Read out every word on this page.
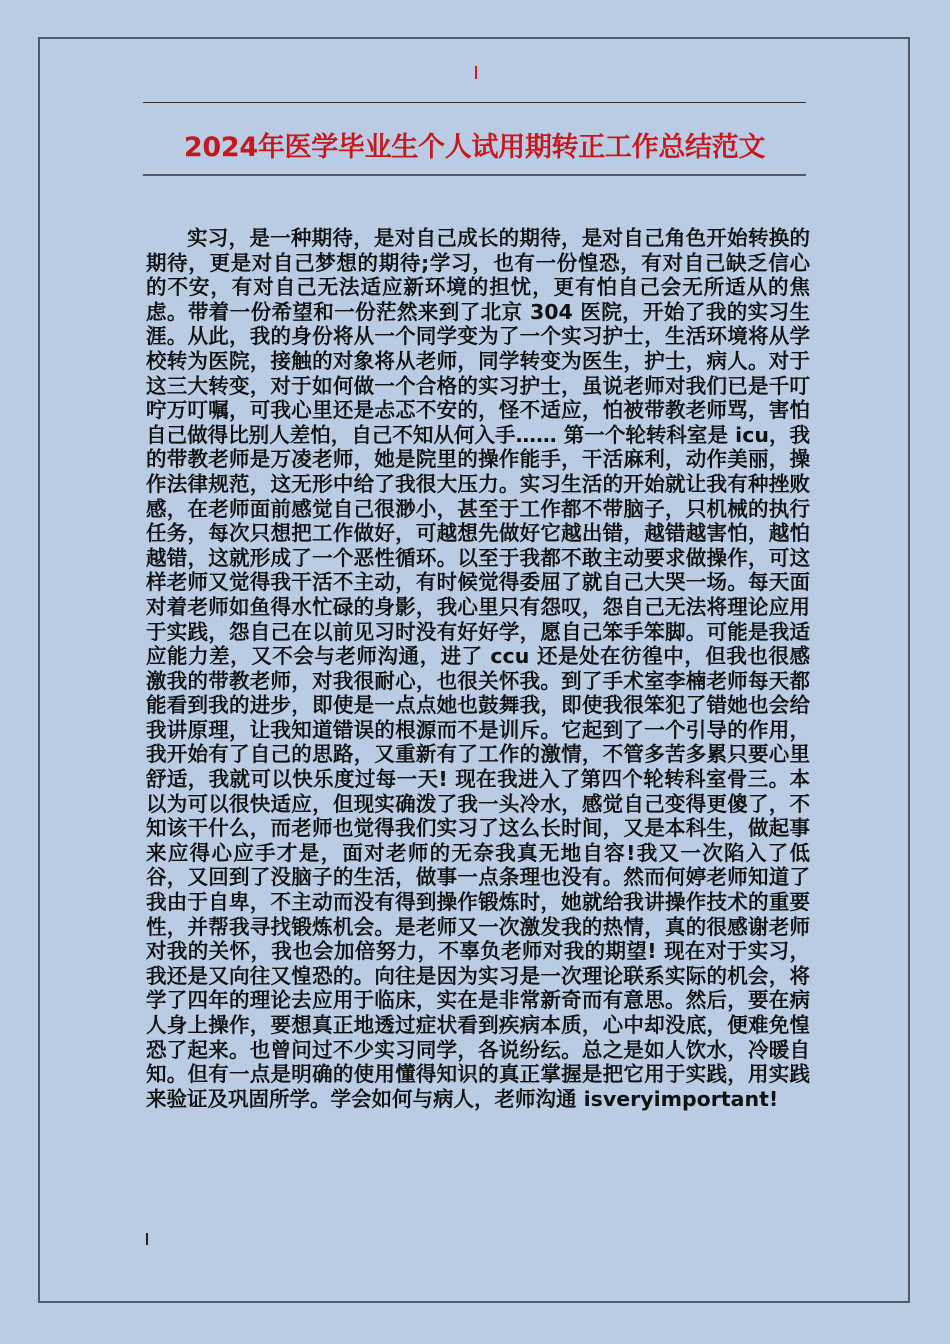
2024年医学毕业生个人试用期转正工作总结范文

实习，是一种期待，是对自己成长的期待，是对自己角色开始转换的期待，更是对自己梦想的期待;学习，也有一份惶恐，有对自己缺乏信心的不安，有对自己无法适应新环境的担忧，更有怕自己会无所适从的焦虑。带着一份希望和一份茫然来到了北京 304 医院，开始了我的实习生涯。从此，我的身份将从一个同学变为了一个实习护士，生活环境将从学校转为医院，接触的对象将从老师，同学转变为医生，护士，病人。对于这三大转变，对于如何做一个合格的实习护士，虽说老师对我们已是千叮咛万叮嘱，可我心里还是忐忑不安的，怪不适应，怕被带教老师骂，害怕自己做得比别人差怕，自己不知从何入手…… 第一个轮转科室是 icu，我的带教老师是万凌老师，她是院里的操作能手，干活麻利，动作美丽，操作法律规范，这无形中给了我很大压力。实习生活的开始就让我有种挫败感，在老师面前感觉自己很渺小，甚至于工作都不带脑子，只机械的执行任务，每次只想把工作做好，可越想先做好它越出错，越错越害怕，越怕越错，这就形成了一个恶性循环。以至于我都不敢主动要求做操作，可这样老师又觉得我干活不主动，有时候觉得委屈了就自己大哭一场。每天面对着老师如鱼得水忙碌的身影，我心里只有怨叹，怨自己无法将理论应用于实践，怨自己在以前见习时没有好好学，愿自己笨手笨脚。可能是我适应能力差，又不会与老师沟通，进了 ccu 还是处在彷徨中，但我也很感激我的带教老师，对我很耐心，也很关怀我。到了手术室李楠老师每天都能看到我的进步，即使是一点点她也鼓舞我，即使我很笨犯了错她也会给我讲原理，让我知道错误的根源而不是训斥。它起到了一个引导的作用，我开始有了自己的思路，又重新有了工作的激情，不管多苦多累只要心里舒适，我就可以快乐度过每一天! 现在我进入了第四个轮转科室骨三。本以为可以很快适应，但现实确泼了我一头冷水，感觉自己变得更傻了，不知该干什么，而老师也觉得我们实习了这么长时间，又是本科生，做起事来应得心应手才是，面对老师的无奈我真无地自容!我又一次陷入了低谷，又回到了没脑子的生活，做事一点条理也没有。然而何婷老师知道了我由于自卑，不主动而没有得到操作锻炼时，她就给我讲操作技术的重要性，并帮我寻找锻炼机会。是老师又一次激发我的热情，真的很感谢老师对我的关怀，我也会加倍努力，不辜负老师对我的期望! 现在对于实习，我还是又向往又惶恐的。向往是因为实习是一次理论联系实际的机会，将学了四年的理论去应用于临床，实在是非常新奇而有意思。然后，要在病人身上操作，要想真正地透过症状看到疾病本质，心中却没底，便难免惶恐了起来。也曾问过不少实习同学，各说纷纭。总之是如人饮水，冷暖自知。但有一点是明确的使用懂得知识的真正掌握是把它用于实践，用实践来验证及巩固所学。学会如何与病人，老师沟通 isveryimportant!
